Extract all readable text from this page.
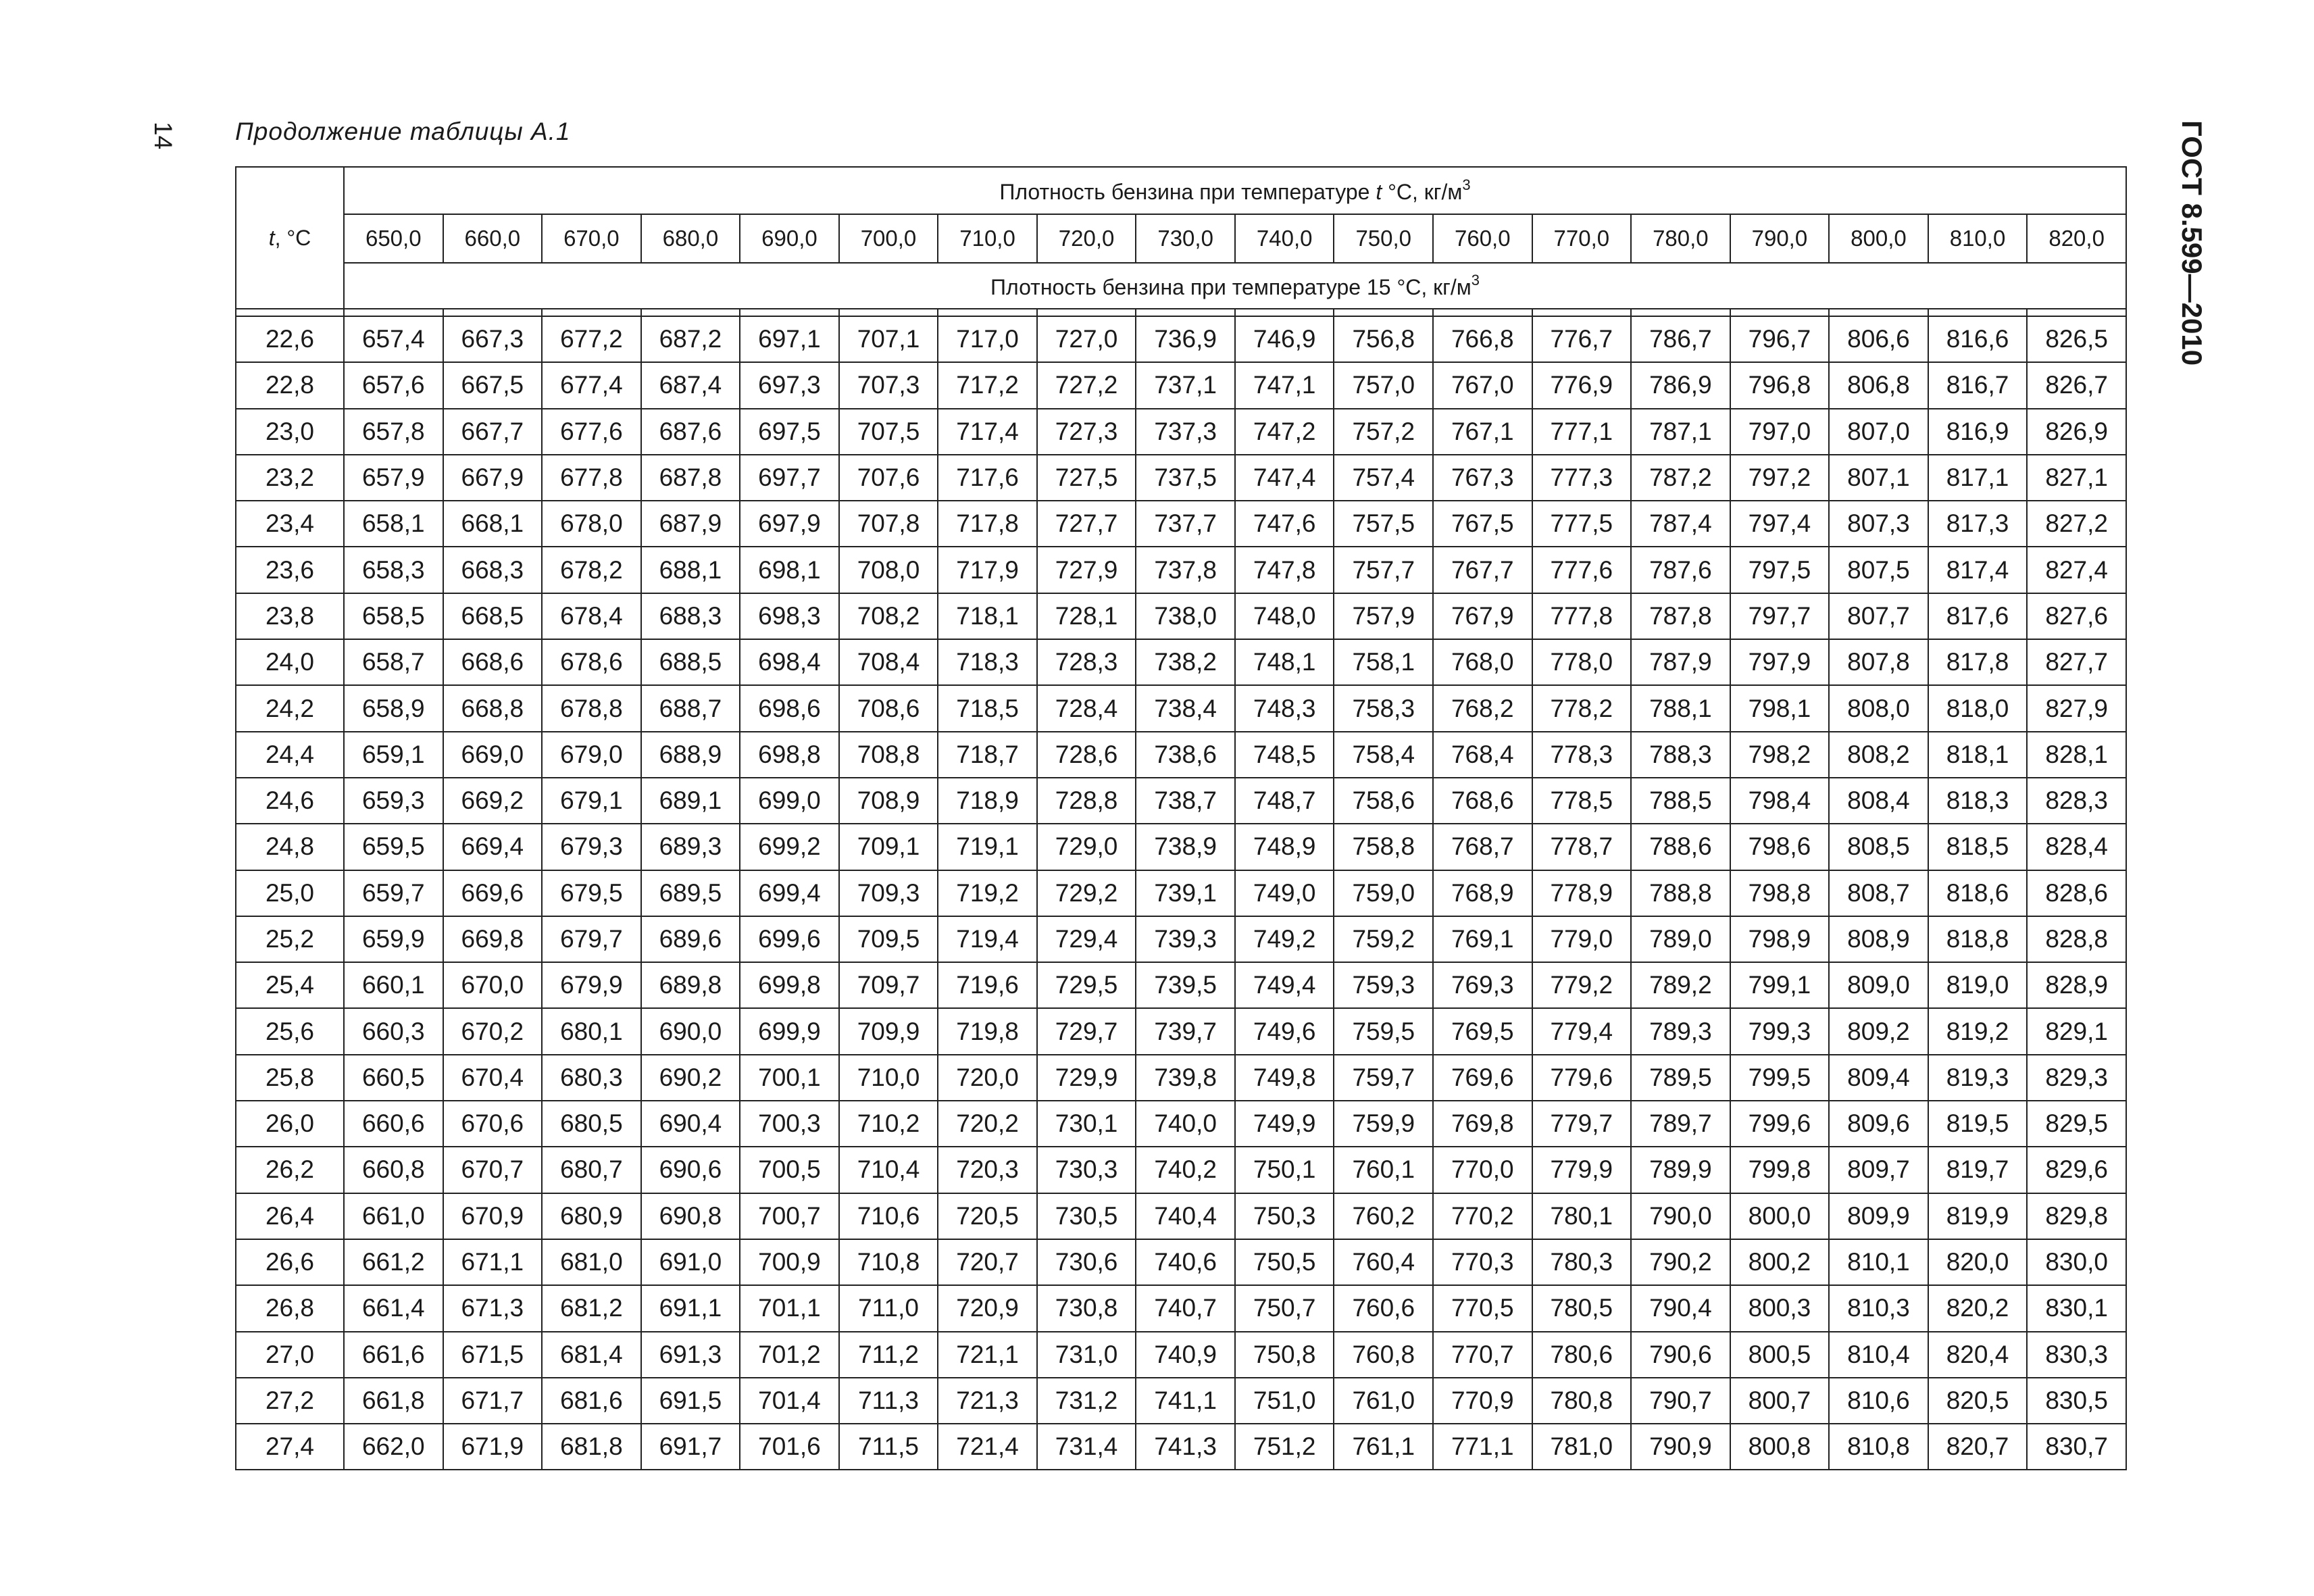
14 Продолжение таблицы А.1	ГОСТ 8.599—2010
t, °C	Плотность бензина при температуре t °С, $кг/м^3$
	650,0	660,0	670,0	680,0	690,0	700,0	710,0	720,0	730,0	740,0	750,0	760,0	770,0	780,0	790,0	800,0	810,0	820,0
	Плотность бензина при температуре 15 °С, $кг/м^3$

22,6	657,4	667,3	677,2	687,2	697,1	707,1	717,0	727,0	736,9	746,9	756,8	766,8	776,7	786,7	796,7	806,6	816,6	826,5
22,8	657,6	667,5	677,4	687,4	697,3	707,3	717,2	727,2	737,1	747,1	757,0	767,0	776,9	786,9	796,8	806,8	816,7	826,7
23,0	657,8	667,7	677,6	687,6	697,5	707,5	717,4	727,3	737,3	747,2	757,2	767,1	777,1	787,1	797,0	807,0	816,9	826,9
23,2	657,9	667,9	677,8	687,8	697,7	707,6	717,6	727,5	737,5	747,4	757,4	767,3	777,3	787,2	797,2	807,1	817,1	827,1
23,4	658,1	668,1	678,0	687,9	697,9	707,8	717,8	727,7	737,7	747,6	757,5	767,5	777,5	787,4	797,4	807,3	817,3	827,2
23,6	658,3	668,3	678,2	688,1	698,1	708,0	717,9	727,9	737,8	747,8	757,7	767,7	777,6	787,6	797,5	807,5	817,4	827,4
23,8	658,5	668,5	678,4	688,3	698,3	708,2	718,1	728,1	738,0	748,0	757,9	767,9	777,8	787,8	797,7	807,7	817,6	827,6
24,0	658,7	668,6	678,6	688,5	698,4	708,4	718,3	728,3	738,2	748,1	758,1	768,0	778,0	787,9	797,9	807,8	817,8	827,7
24,2	658,9	668,8	678,8	688,7	698,6	708,6	718,5	728,4	738,4	748,3	758,3	768,2	778,2	788,1	798,1	808,0	818,0	827,9
24,4	659,1	669,0	679,0	688,9	698,8	708,8	718,7	728,6	738,6	748,5	758,4	768,4	778,3	788,3	798,2	808,2	818,1	828,1
24,6	659,3	669,2	679,1	689,1	699,0	708,9	718,9	728,8	738,7	748,7	758,6	768,6	778,5	788,5	798,4	808,4	818,3	828,3
24,8	659,5	669,4	679,3	689,3	699,2	709,1	719,1	729,0	738,9	748,9	758,8	768,7	778,7	788,6	798,6	808,5	818,5	828,4
25,0	659,7	669,6	679,5	689,5	699,4	709,3	719,2	729,2	739,1	749,0	759,0	768,9	778,9	788,8	798,8	808,7	818,6	828,6
25,2	659,9	669,8	679,7	689,6	699,6	709,5	719,4	729,4	739,3	749,2	759,2	769,1	779,0	789,0	798,9	808,9	818,8	828,8
25,4	660,1	670,0	679,9	689,8	699,8	709,7	719,6	729,5	739,5	749,4	759,3	769,3	779,2	789,2	799,1	809,0	819,0	828,9
25,6	660,3	670,2	680,1	690,0	699,9	709,9	719,8	729,7	739,7	749,6	759,5	769,5	779,4	789,3	799,3	809,2	819,2	829,1
25,8	660,5	670,4	680,3	690,2	700,1	710,0	720,0	729,9	739,8	749,8	759,7	769,6	779,6	789,5	799,5	809,4	819,3	829,3
26,0	660,6	670,6	680,5	690,4	700,3	710,2	720,2	730,1	740,0	749,9	759,9	769,8	779,7	789,7	799,6	809,6	819,5	829,5
26,2	660,8	670,7	680,7	690,6	700,5	710,4	720,3	730,3	740,2	750,1	760,1	770,0	779,9	789,9	799,8	809,7	819,7	829,6
26,4	661,0	670,9	680,9	690,8	700,7	710,6	720,5	730,5	740,4	750,3	760,2	770,2	780,1	790,0	800,0	809,9	819,9	829,8
26,6	661,2	671,1	681,0	691,0	700,9	710,8	720,7	730,6	740,6	750,5	760,4	770,3	780,3	790,2	800,2	810,1	820,0	830,0
26,8	661,4	671,3	681,2	691,1	701,1	711,0	720,9	730,8	740,7	750,7	760,6	770,5	780,5	790,4	800,3	810,3	820,2	830,1
27,0	661,6	671,5	681,4	691,3	701,2	711,2	721,1	731,0	740,9	750,8	760,8	770,7	780,6	790,6	800,5	810,4	820,4	830,3
27,2	661,8	671,7	681,6	691,5	701,4	711,3	721,3	731,2	741,1	751,0	761,0	770,9	780,8	790,7	800,7	810,6	820,5	830,5
27,4	662,0	671,9	681,8	691,7	701,6	711,5	721,4	731,4	741,3	751,2	761,1	771,1	781,0	790,9	800,8	810,8	820,7	830,7
